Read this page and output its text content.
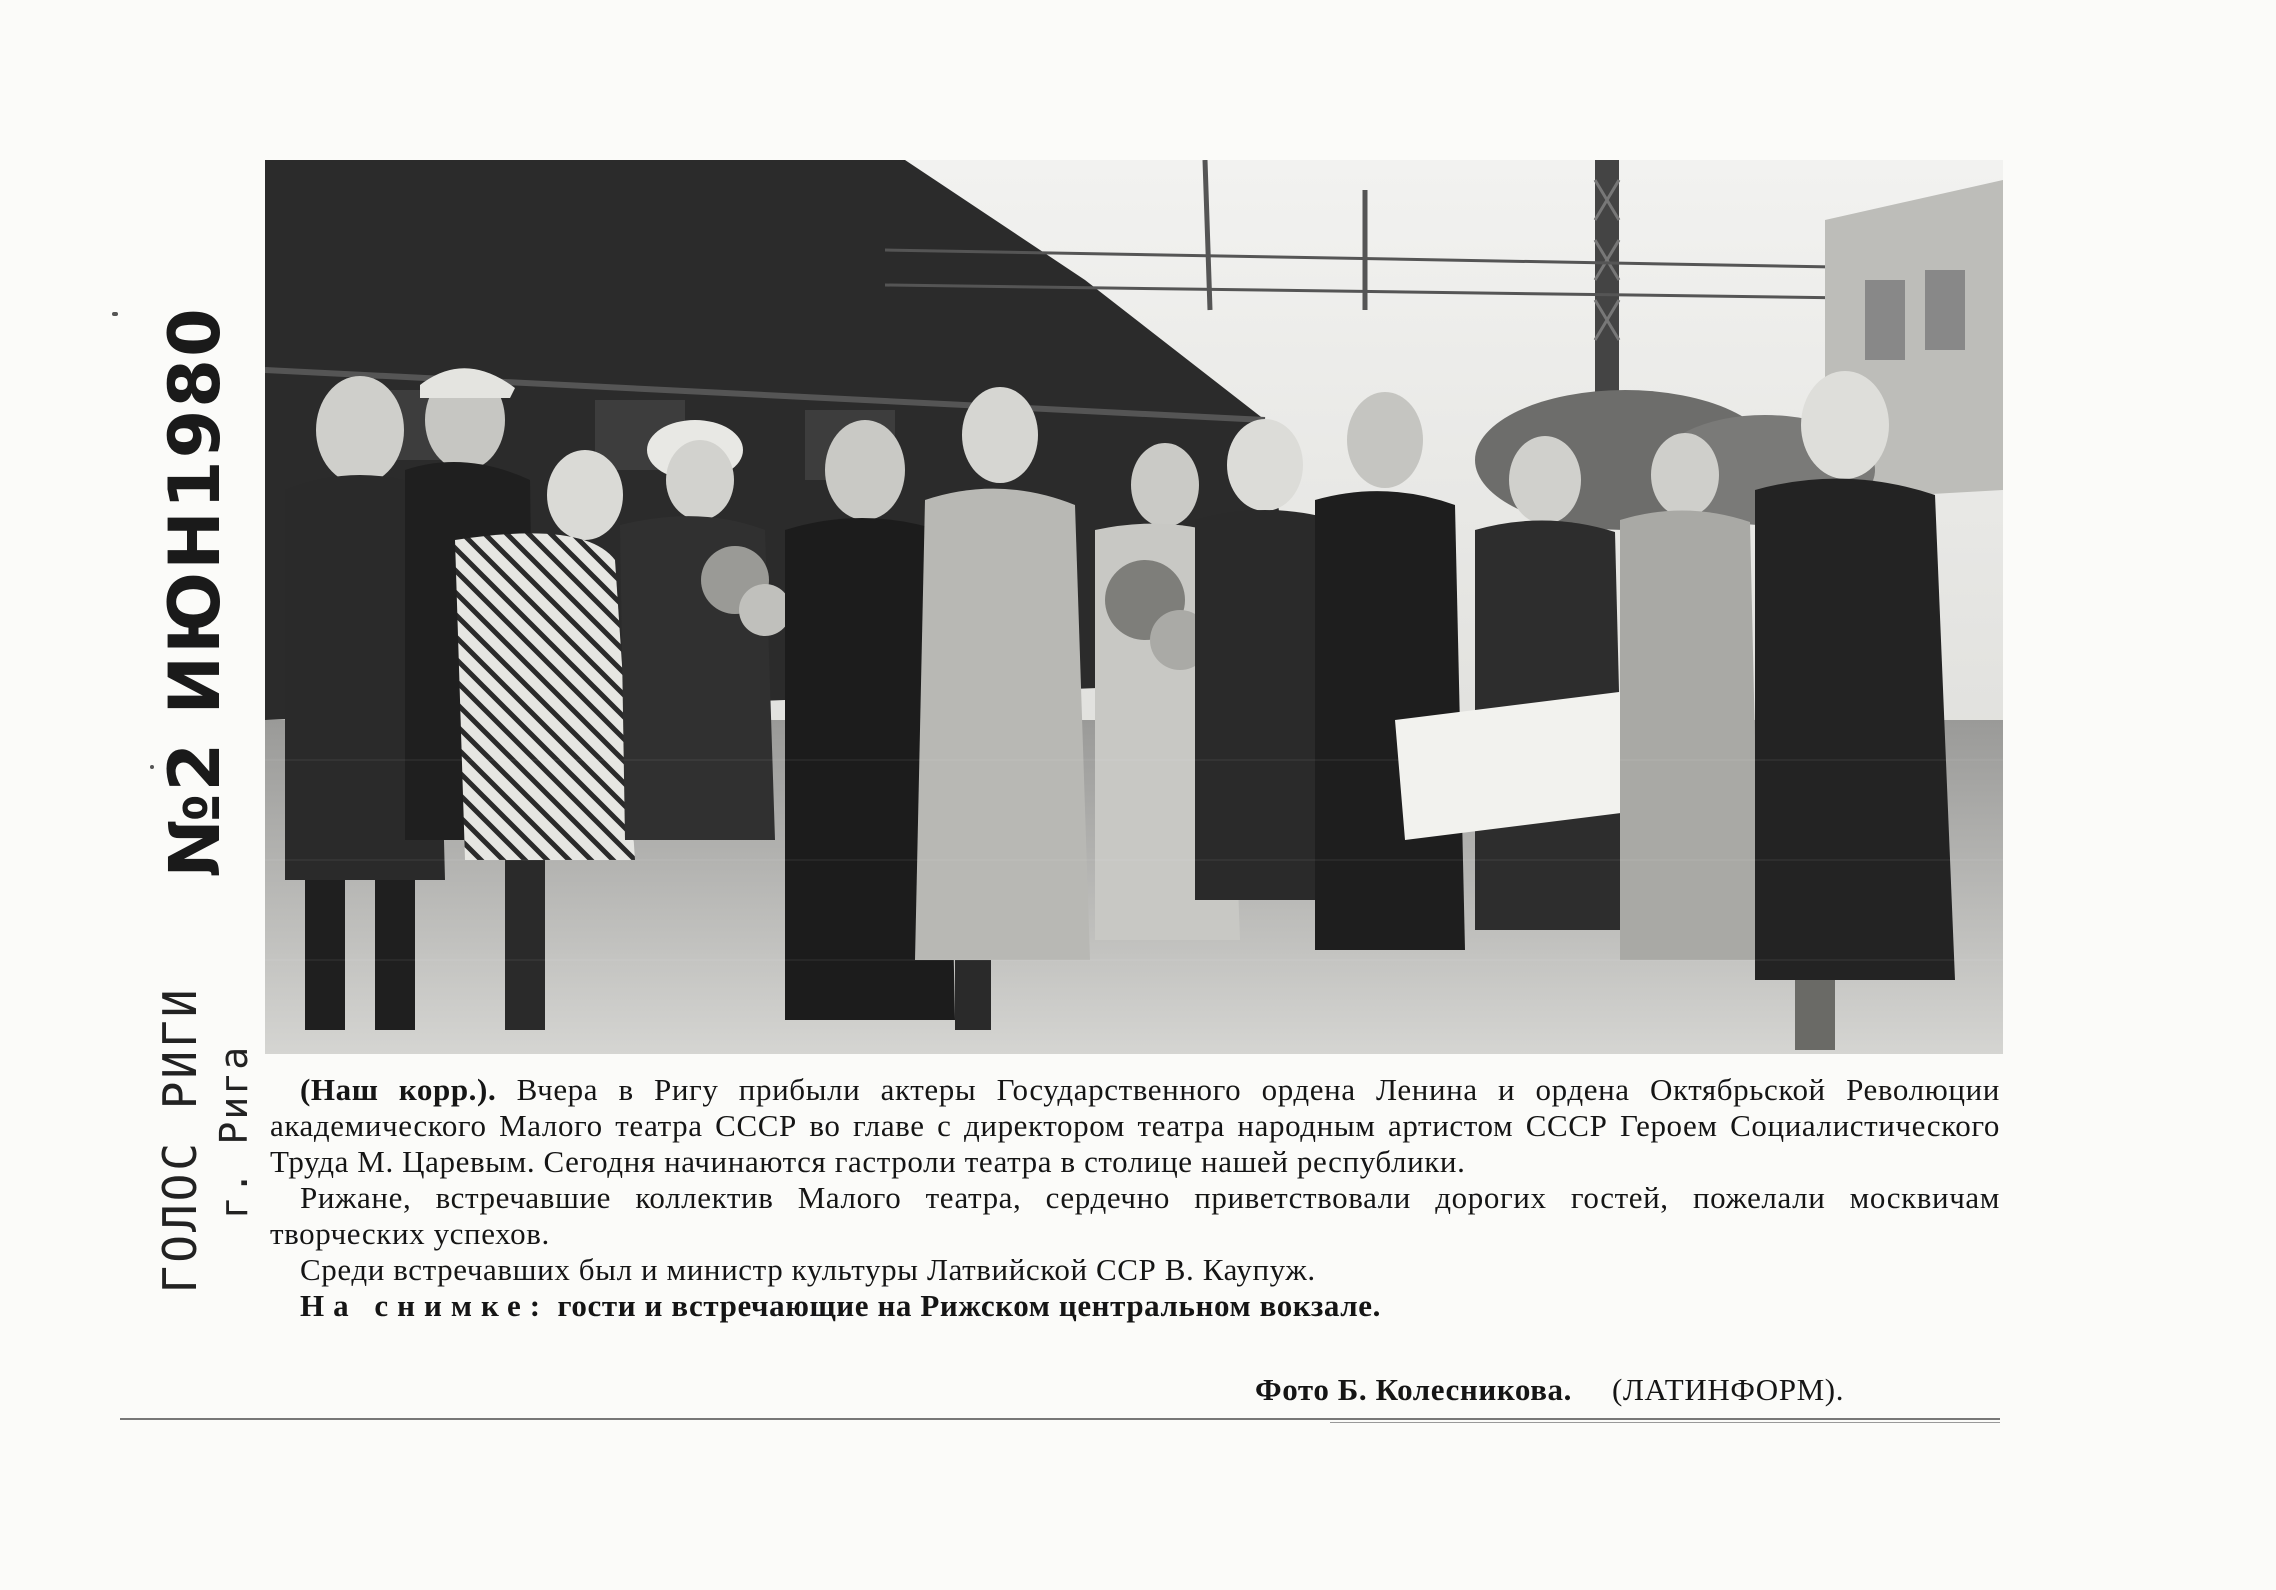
№2 ИЮН1980
ГОЛОС РИГИ г. Рига	(Наш корр.). Вчера в Ригу прибыли актеры Государственного ордена Ленина и ордена Октябрьской Революции академического Малого театра СССР во главе с директором театра народным артистом СССР Героем Социалистического Труда М. Царевым. Сегодня начинаются гастроли театра в столице нашей республики.

Рижане, встречавшие коллектив Малого театра, сердечно приветствовали дорогих гостей, пожелали москвичам творческих успехов.

Среди встречавших был и министр культуры Латвийской ССР В. Каупуж.

На снимке: гости и встречающие на Рижском центральном вокзале.

Фото Б. Колесникова. (ЛАТИНФОРМ).
